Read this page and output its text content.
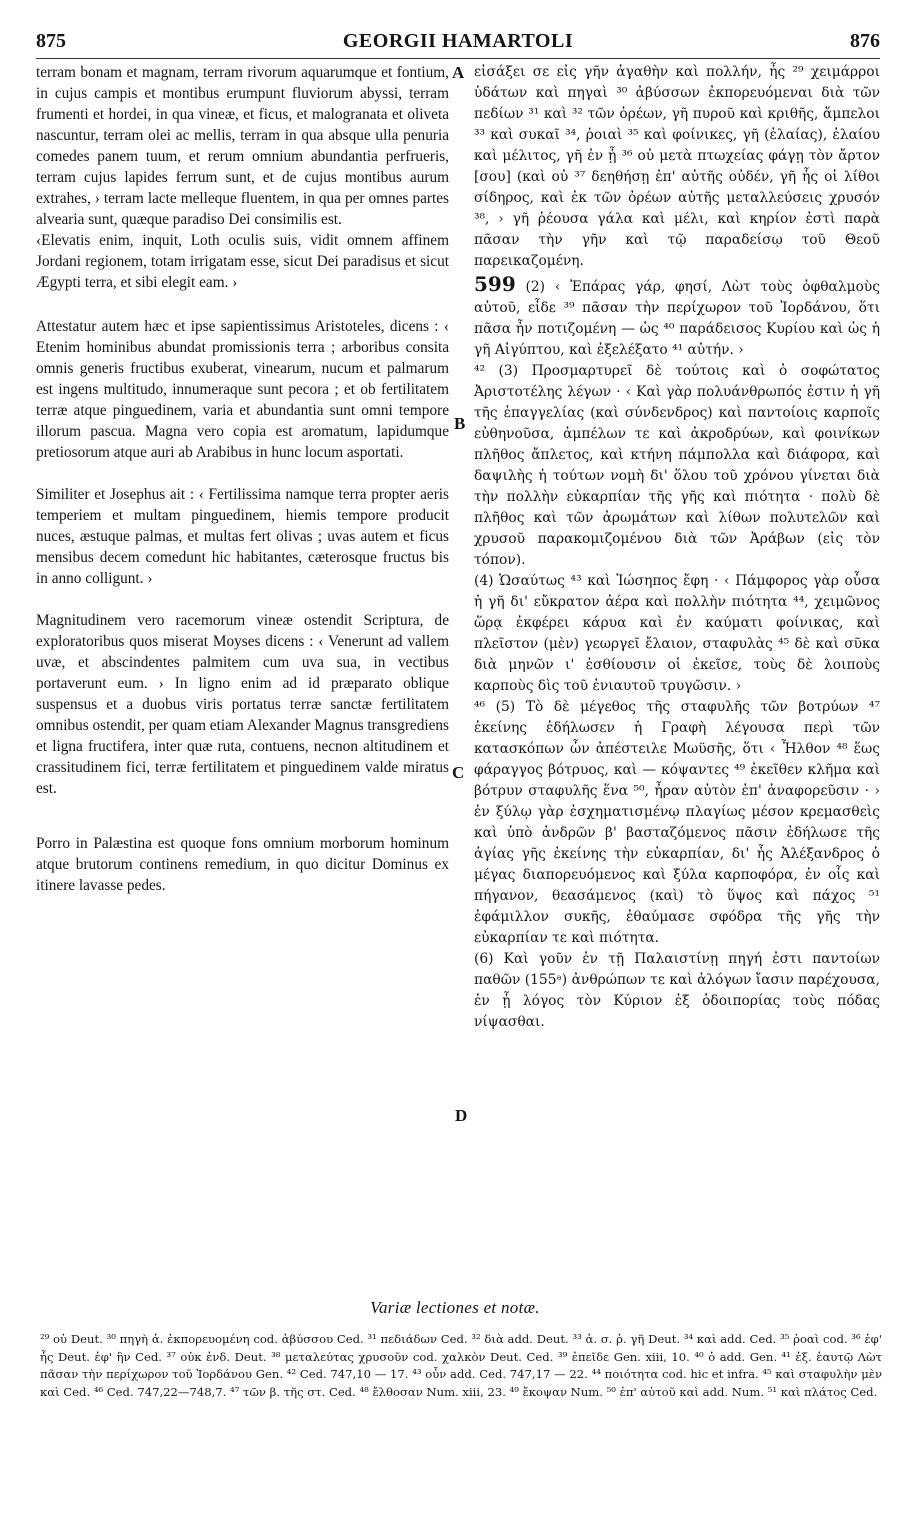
875	GEORGII HAMARTOLI	876
A
B
C
D

terram bonam et magnam, terram rivorum aquarumque et fontium, in cujus campis et montibus erumpunt fluviorum abyssi, terram frumenti et hordei, in qua vineæ, et ficus, et malogranata et oliveta nascuntur, terram olei ac mellis, terram in qua absque ulla penuria comedes panem tuum, et rerum omnium abundantia perfrueris, terram cujus lapides ferrum sunt, et de cujus montibus aurum extrahes, › terram lacte melleque fluentem, in qua per omnes partes alvearia sunt, quæque paradiso Dei consimilis est.

‹Elevatis enim, inquit, Loth oculis suis, vidit omnem affinem Jordani regionem, totam irrigatam esse, sicut Dei paradisus et sicut Ægypti terra, et sibi elegit eam. ›

Attestatur autem hæc et ipse sapientissimus Aristoteles, dicens : ‹ Etenim hominibus abundat promissionis terra ; arboribus consita omnis generis fructibus exuberat, vinearum, nucum et palmarum est ingens multitudo, innumeraque sunt pecora ; et ob fertilitatem terræ atque pinguedinem, varia et abundantia sunt omni tempore illorum pascua. Magna vero copia est aromatum, lapidumque pretiosorum atque auri ab Arabibus in hunc locum asportati.

Similiter et Josephus ait : ‹ Fertilissima namque terra propter aeris temperiem et multam pinguedinem, hiemis tempore producit nuces, æstuque palmas, et multas fert olivas ; uvas autem et ficus mensibus decem comedunt hic habitantes, cæterosque fructus bis in anno colligunt. ›

Magnitudinem vero racemorum vineæ ostendit Scriptura, de exploratoribus quos miserat Moyses dicens : ‹ Venerunt ad vallem uvæ, et abscindentes palmitem cum uva sua, in vectibus portaverunt eum. › In ligno enim ad id præparato oblique suspensus et a duobus viris portatus terræ sanctæ fertilitatem omnibus ostendit, per quam etiam Alexander Magnus transgrediens et ligna fructifera, inter quæ ruta, contuens, necnon altitudinem et crassitudinem fici, terræ fertilitatem et pinguedinem valde miratus est.

Porro in Palæstina est quoque fons omnium morborum hominum atque brutorum continens remedium, in quo dicitur Dominus ex itinere lavasse pedes.

εἰσάξει σε εἰς γῆν ἀγαθὴν καὶ πολλήν, ἧς ²⁹ χειμάρροι ὑδάτων καὶ πηγαὶ ³⁰ ἀβύσσων ἐκπορευόμεναι διὰ τῶν πεδίων ³¹ καὶ ³² τῶν ὀρέων, γῆ πυροῦ καὶ κριθῆς, ἄμπελοι ³³ καὶ συκαῖ ³⁴, ῥοιαὶ ³⁵ καὶ φοίνικες, γῆ (ἐλαίας), ἐλαίου καὶ μέλιτος, γῆ ἐν ᾗ ³⁶ οὐ μετὰ πτωχείας φάγῃ τὸν ἄρτον [σου] (καὶ οὐ ³⁷ δεηθήσῃ ἐπ' αὐτῆς οὐδέν, γῆ ἧς οἱ λίθοι σίδηρος, καὶ ἐκ τῶν ὀρέων αὐτῆς μεταλλεύσεις χρυσόν ³⁸, › γῆ ῥέουσα γάλα καὶ μέλι, καὶ κηρίον ἐστὶ παρὰ πᾶσαν τὴν γῆν καὶ τῷ παραδείσῳ τοῦ Θεοῦ παρεικαζομένη.

599 (2) ‹ Ἐπάρας γάρ, φησί, Λὼτ τοὺς ὀφθαλμοὺς αὐτοῦ, εἶδε ³⁹ πᾶσαν τὴν περίχωρον τοῦ Ἰορδάνου, ὅτι πᾶσα ἦν ποτιζομένη — ὡς ⁴⁰ παράδεισος Κυρίου καὶ ὡς ἡ γῆ Αἰγύπτου, καὶ ἐξελέξατο ⁴¹ αὐτήν. ›

⁴² (3) Προσμαρτυρεῖ δὲ τούτοις καὶ ὁ σοφώτατος Ἀριστοτέλης λέγων · ‹ Καὶ γὰρ πολυάνθρωπός ἐστιν ἡ γῆ τῆς ἐπαγγελίας (καὶ σύνδενδρος) καὶ παντοίοις καρποῖς εὐθηνοῦσα, ἀμπέλων τε καὶ ἀκροδρύων, καὶ φοινίκων πλῆθος ἄπλετος, καὶ κτήνη πάμπολλα καὶ διάφορα, καὶ δαψιλὴς ἡ τούτων νομὴ δι' ὅλου τοῦ χρόνου γίνεται διὰ τὴν πολλὴν εὐκαρπίαν τῆς γῆς καὶ πιότητα · πολὺ δὲ πλῆθος καὶ τῶν ἀρωμάτων καὶ λίθων πολυτελῶν καὶ χρυσοῦ παρακομιζομένου διὰ τῶν Ἀράβων (εἰς τὸν τόπον).

(4) Ὡσαύτως ⁴³ καὶ Ἰώσηπος ἔφη · ‹ Πάμφορος γὰρ οὖσα ἡ γῆ δι' εὔκρατον ἀέρα καὶ πολλὴν πιότητα ⁴⁴, χειμῶνος ὥρᾳ ἐκφέρει κάρυα καὶ ἐν καύματι φοίνικας, καὶ πλεῖστον (μὲν) γεωργεῖ ἔλαιον, σταφυλὰς ⁴⁵ δὲ καὶ σῦκα διὰ μηνῶν ι' ἐσθίουσιν οἱ ἐκεῖσε, τοὺς δὲ λοιποὺς καρποὺς δὶς τοῦ ἐνιαυτοῦ τρυγῶσιν. ›

⁴⁶ (5) Τὸ δὲ μέγεθος τῆς σταφυλῆς τῶν βοτρύων ⁴⁷ ἐκείνης ἐδήλωσεν ἡ Γραφὴ λέγουσα περὶ τῶν κατασκόπων ὧν ἀπέστειλε Μωϋσῆς, ὅτι ‹ Ἦλθον ⁴⁸ ἕως φάραγγος βότρυος, καὶ — κόψαντες ⁴⁹ ἐκεῖθεν κλῆμα καὶ βότρυν σταφυλῆς ἕνα ⁵⁰, ἦραν αὐτὸν ἐπ' ἀναφορεῦσιν · › ἐν ξύλῳ γὰρ ἐσχηματισμένῳ πλαγίως μέσον κρεμασθεὶς καὶ ὑπὸ ἀνδρῶν β' βασταζόμενος πᾶσιν ἐδήλωσε τῆς ἁγίας γῆς ἐκείνης τὴν εὐκαρπίαν, δι' ἧς Ἀλέξανδρος ὁ μέγας διαπορευόμενος καὶ ξύλα καρποφόρα, ἐν οἷς καὶ πήγανον, θεασάμενος (καὶ) τὸ ὕψος καὶ πάχος ⁵¹ ἐφάμιλλον συκῆς, ἐθαύμασε σφόδρα τῆς γῆς τὴν εὐκαρπίαν τε καὶ πιότητα.

(6) Καὶ γοῦν ἐν τῇ Παλαιστίνῃ πηγή ἐστι παντοίων παθῶν (155ᵃ) ἀνθρώπων τε καὶ ἀλόγων ἴασιν παρέχουσα, ἐν ᾗ λόγος τὸν Κύριον ἐξ ὁδοιπορίας τοὺς πόδας νίψασθαι.

Variæ lectiones et notæ.
²⁹ οὐ Deut. ³⁰ πηγὴ ἀ. ἐκπορευομένη cod. ἀβύσσου Ced. ³¹ πεδιάδων Ced. ³² διὰ add. Deut. ³³ ἀ. σ. ῥ. γῆ Deut. ³⁴ καὶ add. Ced. ³⁵ ῥοαὶ cod. ³⁶ ἐφ' ἧς Deut. ἐφ' ἣν Ced. ³⁷ οὐκ ἐνδ. Deut. ³⁸ μεταλεύτας χρυσοῦν cod. χαλκὸν Deut. Ced. ³⁹ ἐπεῖδε Gen. xiii, 10. ⁴⁰ ὁ add. Gen. ⁴¹ ἐξ. ἑαυτῷ Λὼτ πᾶσαν τὴν περίχωρον τοῦ Ἰορδάνου Gen. ⁴² Ced. 747,10 — 17. ⁴³ οὖν add. Ced. 747,17 — 22. ⁴⁴ ποιότητα cod. hic et infra. ⁴⁵ καὶ σταφυλὴν μὲν καὶ Ced. ⁴⁶ Ced. 747,22—748,7. ⁴⁷ τῶν β. τῆς στ. Ced. ⁴⁸ ἔλθοσαν Num. xiii, 23. ⁴⁹ ἔκοψαν Num. ⁵⁰ ἐπ' αὐτοῦ καὶ add. Num. ⁵¹ καὶ πλάτος Ced.
